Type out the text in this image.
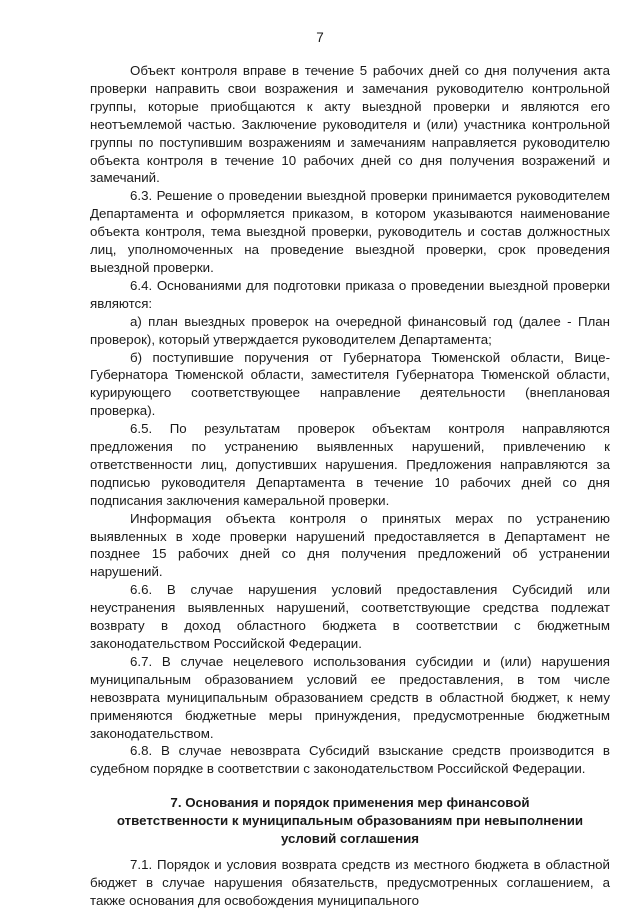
7

Объект контроля вправе в течение 5 рабочих дней со дня получения акта проверки направить свои возражения и замечания руководителю контрольной группы, которые приобщаются к акту выездной проверки и являются его неотъемлемой частью. Заключение руководителя и (или) участника контрольной группы по поступившим возражениям и замечаниям направляется руководителю объекта контроля в течение 10 рабочих дней со дня получения возражений и замечаний.

6.3. Решение о проведении выездной проверки принимается руководителем Департамента и оформляется приказом, в котором указываются наименование объекта контроля, тема выездной проверки, руководитель и состав должностных лиц, уполномоченных на проведение выездной проверки, срок проведения выездной проверки.

6.4. Основаниями для подготовки приказа о проведении выездной проверки являются:

а) план выездных проверок на очередной финансовый год (далее - План проверок), который утверждается руководителем Департамента;

б) поступившие поручения от Губернатора Тюменской области, Вице-Губернатора Тюменской области, заместителя Губернатора Тюменской области, курирующего соответствующее направление деятельности (внеплановая проверка).

6.5. По результатам проверок объектам контроля направляются предложения по устранению выявленных нарушений, привлечению к ответственности лиц, допустивших нарушения. Предложения направляются за подписью руководителя Департамента в течение 10 рабочих дней со дня подписания заключения камеральной проверки.

Информация объекта контроля о принятых мерах по устранению выявленных в ходе проверки нарушений предоставляется в Департамент не позднее 15 рабочих дней со дня получения предложений об устранении нарушений.

6.6. В случае нарушения условий предоставления Субсидий или неустранения выявленных нарушений, соответствующие средства подлежат возврату в доход областного бюджета в соответствии с бюджетным законодательством Российской Федерации.

6.7. В случае нецелевого использования субсидии и (или) нарушения муниципальным образованием условий ее предоставления, в том числе невозврата муниципальным образованием средств в областной бюджет, к нему применяются бюджетные меры принуждения, предусмотренные бюджетным законодательством.

6.8. В случае невозврата Субсидий взыскание средств производится в судебном порядке в соответствии с законодательством Российской Федерации.

7. Основания и порядок применения мер финансовой
ответственности к муниципальным образованиям при невыполнении
условий соглашения

7.1. Порядок и условия возврата средств из местного бюджета в областной бюджет в случае нарушения обязательств, предусмотренных соглашением, а также основания для освобождения муниципального
